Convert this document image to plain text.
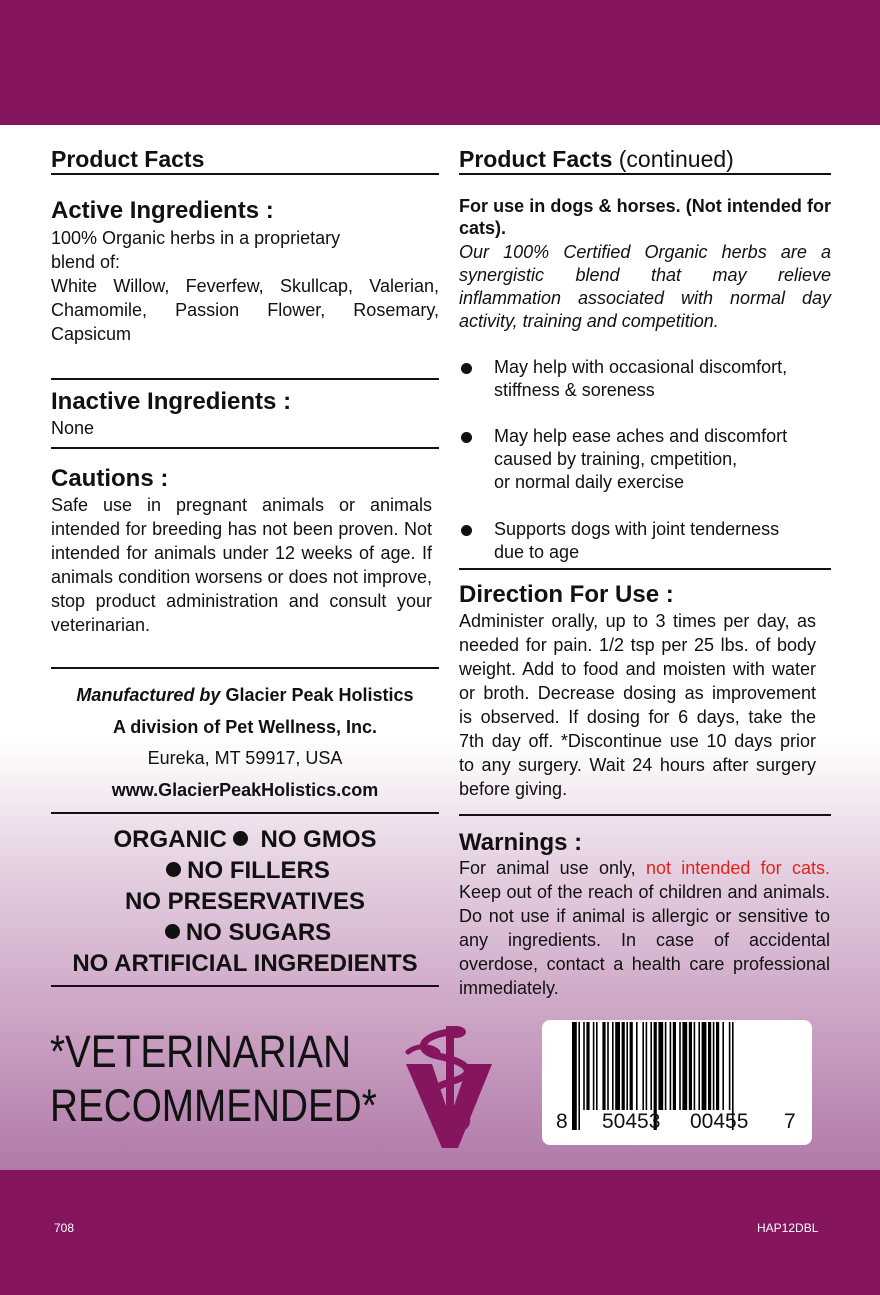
Product Facts
Active Ingredients :
100% Organic herbs in a proprietary
blend of:
White Willow, Feverfew, Skullcap, Valerian, Chamomile, Passion Flower, Rosemary, Capsicum
Inactive Ingredients :
None
Cautions :
Safe use in pregnant animals or animals intended for breeding has not been proven. Not intended for animals under 12 weeks of age. If animals condition worsens or does not improve, stop product administration and consult your veterinarian.
Manufactured by Glacier Peak Holistics
A division of Pet Wellness, Inc.
Eureka, MT 59917, USA
www.GlacierPeakHolistics.com
ORGANIC NO GMOS
NO FILLERS
NO PRESERVATIVES
NO SUGARS
NO ARTIFICIAL INGREDIENTS
*VETERINARIAN
RECOMMENDED*
Product Facts (continued)
For use in dogs & horses. (Not intended for cats).
Our 100% Certified Organic herbs are a synergistic blend that may relieve inflammation associated with normal day activity, training and competition.
May help with occasional discomfort,
stiffness & soreness
May help ease aches and discomfort
caused by training, cmpetition,
or normal daily exercise
Supports dogs with joint tenderness
due to age
Direction For Use :
Administer orally, up to 3 times per day, as needed for pain. 1/2 tsp per 25 lbs. of body weight. Add to food and moisten with water or broth. Decrease dosing as improvement is observed. If dosing for 6 days, take the 7th day off. *Discontinue use 10 days prior to any surgery. Wait 24 hours after surgery before giving.
Warnings :
For animal use only, not intended for cats. Keep out of the reach of children and animals. Do not use if animal is allergic or sensitive to any ingredients. In case of accidental overdose, contact a health care professional immediately.
8 50453 00455 7
708	HAP12DBL
